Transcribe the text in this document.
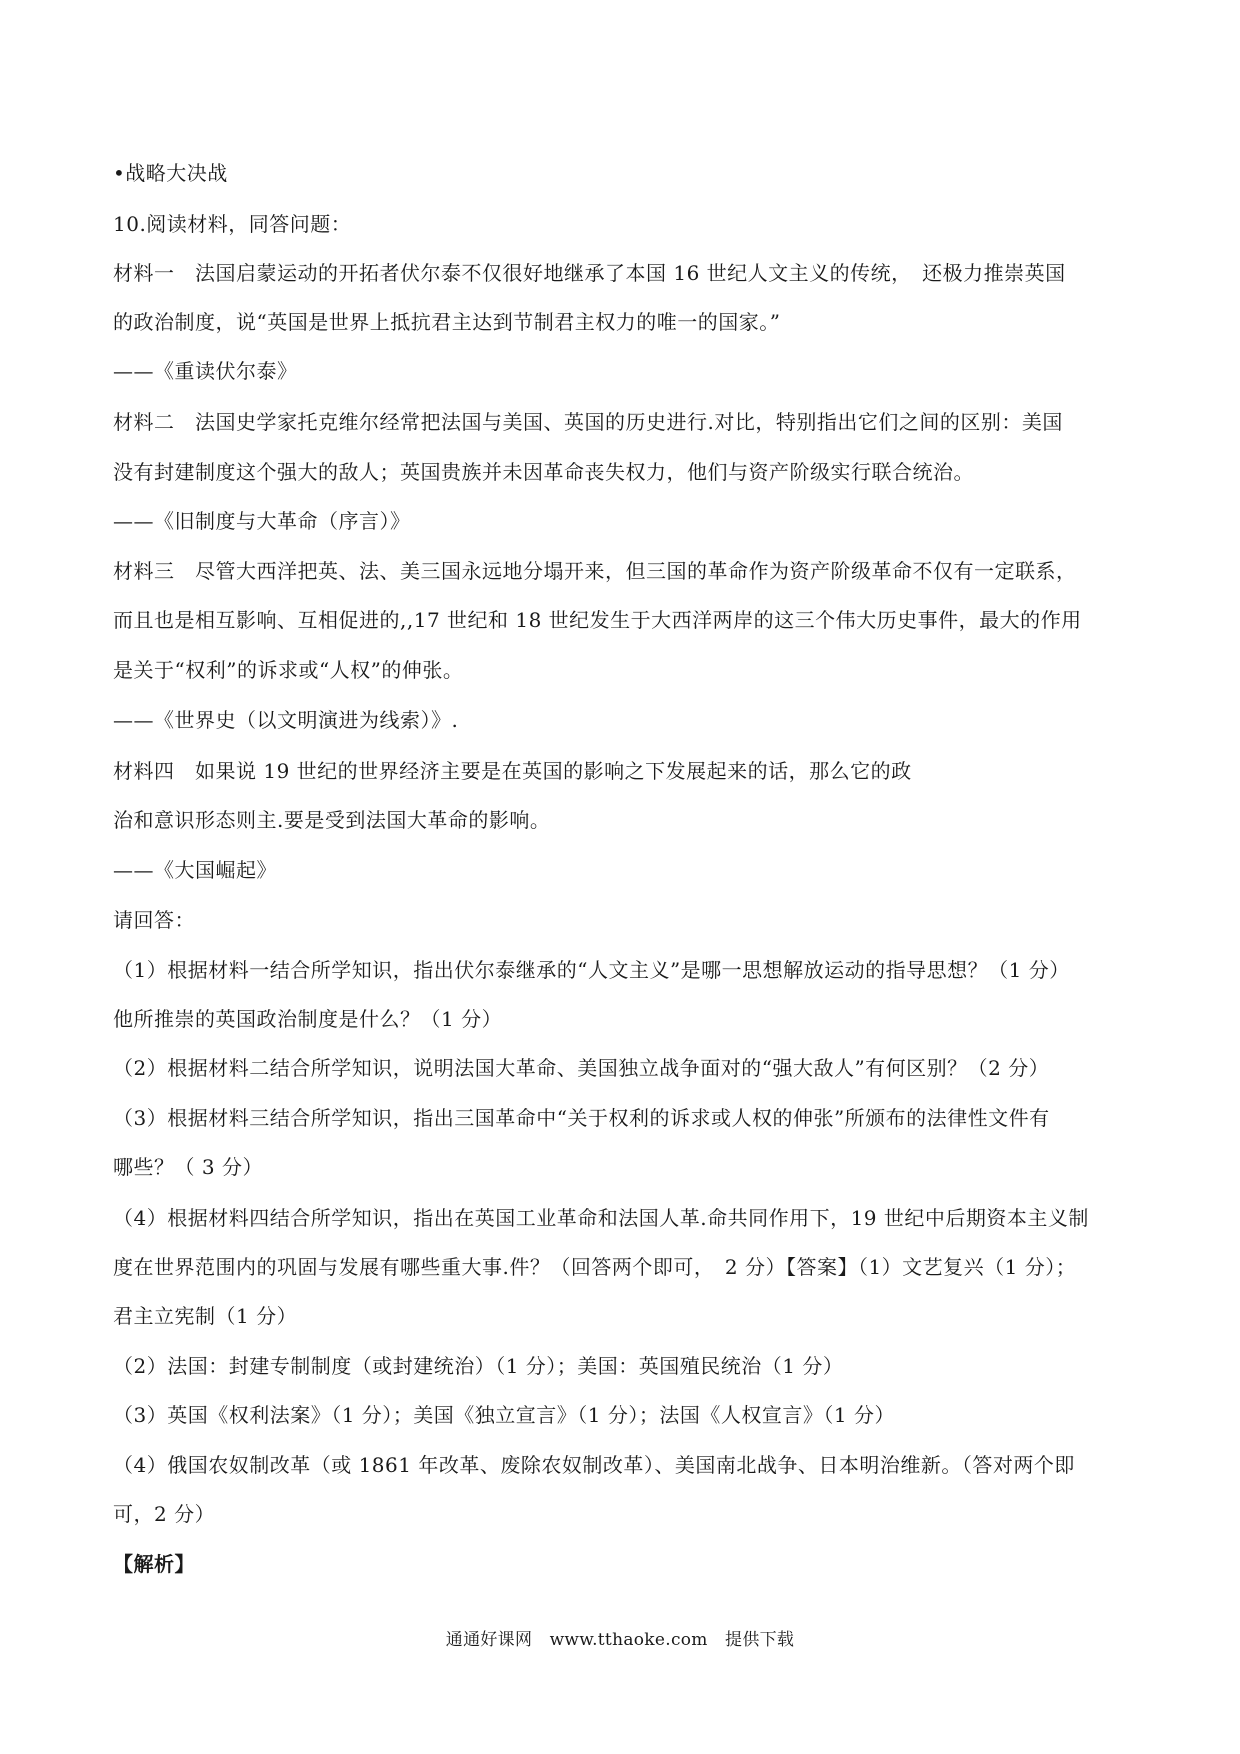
•战略大决战

10.阅读材料，同答问题：

材料一　法国启蒙运动的开拓者伏尔泰不仅很好地继承了本国 16 世纪人文主义的传统，　还极力推崇英国

的政治制度，说“英国是世界上抵抗君主达到节制君主权力的唯一的国家。”

——《重读伏尔泰》

材料二　法国史学家托克维尔经常把法国与美国、英国的历史进行.对比，特别指出它们之间的区别：美国

没有封建制度这个强大的敌人；英国贵族并未因革命丧失权力，他们与资产阶级实行联合统治。

——《旧制度与大革命（序言）》

材料三　尽管大西洋把英、法、美三国永远地分塌开来，但三国的革命作为资产阶级革命不仅有一定联系，

而且也是相互影响、互相促进的,,17 世纪和 18 世纪发生于大西洋两岸的这三个伟大历史事件，最大的作用

是关于“权利”的诉求或“人权”的伸张。

——《世界史（以文明演进为线索）》.

材料四　如果说 19 世纪的世界经济主要是在英国的影响之下发展起来的话，那么它的政

治和意识形态则主.要是受到法国大革命的影响。

——《大国崛起》

请回答：

（1）根据材料一结合所学知识，指出伏尔泰继承的“人文主义”是哪一思想解放运动的指导思想？（1 分）

他所推崇的英国政治制度是什么？（1 分）

（2）根据材料二结合所学知识，说明法国大革命、美国独立战争面对的“强大敌人”有何区别？（2 分）

（3）根据材料三结合所学知识，指出三国革命中“关于权利的诉求或人权的伸张”所颁布的法律性文件有

哪些？（ 3 分）

（4）根据材料四结合所学知识，指出在英国工业革命和法国人革.命共同作用下，19 世纪中后期资本主义制

度在世界范围内的巩固与发展有哪些重大事.件？（回答两个即可，　2 分）【答案】（1）文艺复兴（1 分）；

君主立宪制（1 分）

（2）法国：封建专制制度（或封建统治）（1 分）；美国：英国殖民统治（1 分）

（3）英国《权利法案》（1 分）；美国《独立宣言》（1 分）；法国《人权宣言》（1 分）

（4）俄国农奴制改革（或 1861 年改革、废除农奴制改革）、美国南北战争、日本明治维新。（答对两个即

可，2 分）

【解析】

通通好课网　www.tthaoke.com　提供下载
